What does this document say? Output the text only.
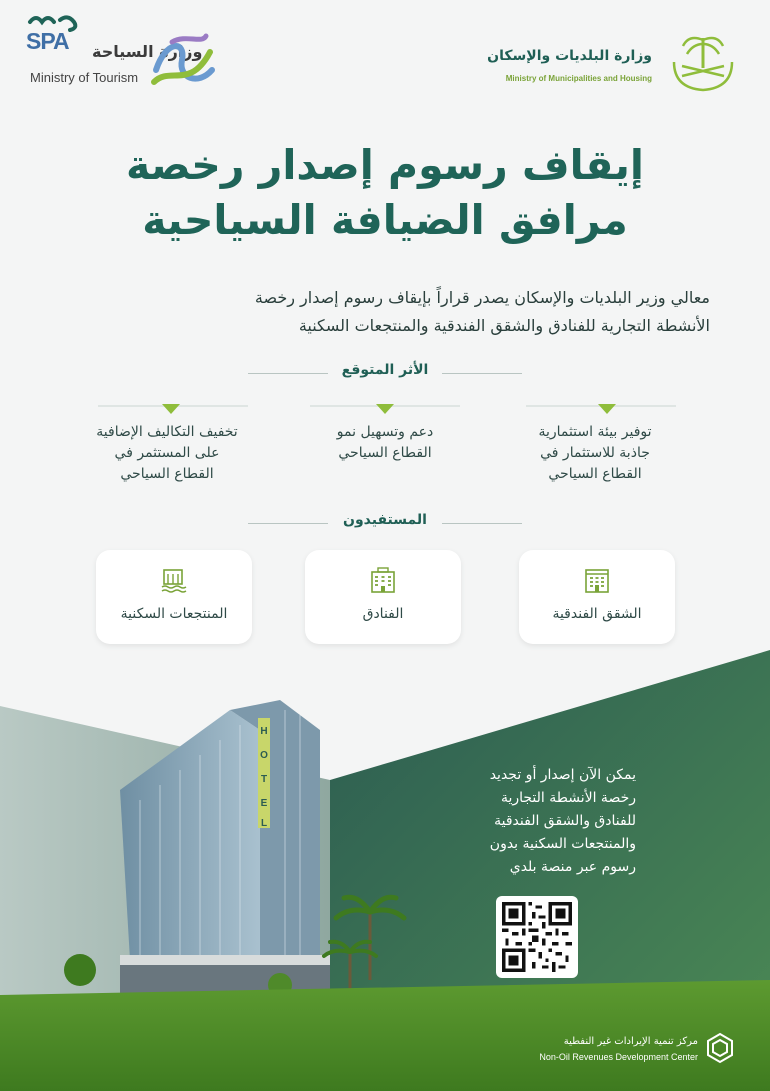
SPA وزارة السياحة
Ministry of Tourism
وزارة البلديات والإسكان
Ministry of Municipalities and Housing
إيقاف رسوم إصدار رخصة
مرافق الضيافة السياحية
معالي وزير البلديات والإسكان يصدر قراراً بإيقاف رسوم إصدار رخصة
الأنشطة التجارية للفنادق والشقق الفندقية والمنتجعات السكنية
الأثر المتوقع
توفير بيئة استثمارية
جاذبة للاستثمار في
القطاع السياحي
دعم وتسهيل نمو
القطاع السياحي
تخفيف التكاليف الإضافية
على المستثمر في
القطاع السياحي
المستفيدون
الشقق الفندقية
الفنادق
المنتجعات السكنية
H
O
T
E
L
يمكن الآن إصدار أو تجديد
رخصة الأنشطة التجارية
للفنادق والشقق الفندقية
والمنتجعات السكنية بدون
رسوم عبر منصة بلدي
مركز تنمية الإيرادات غير النفطية
Non-Oil Revenues Development Center
